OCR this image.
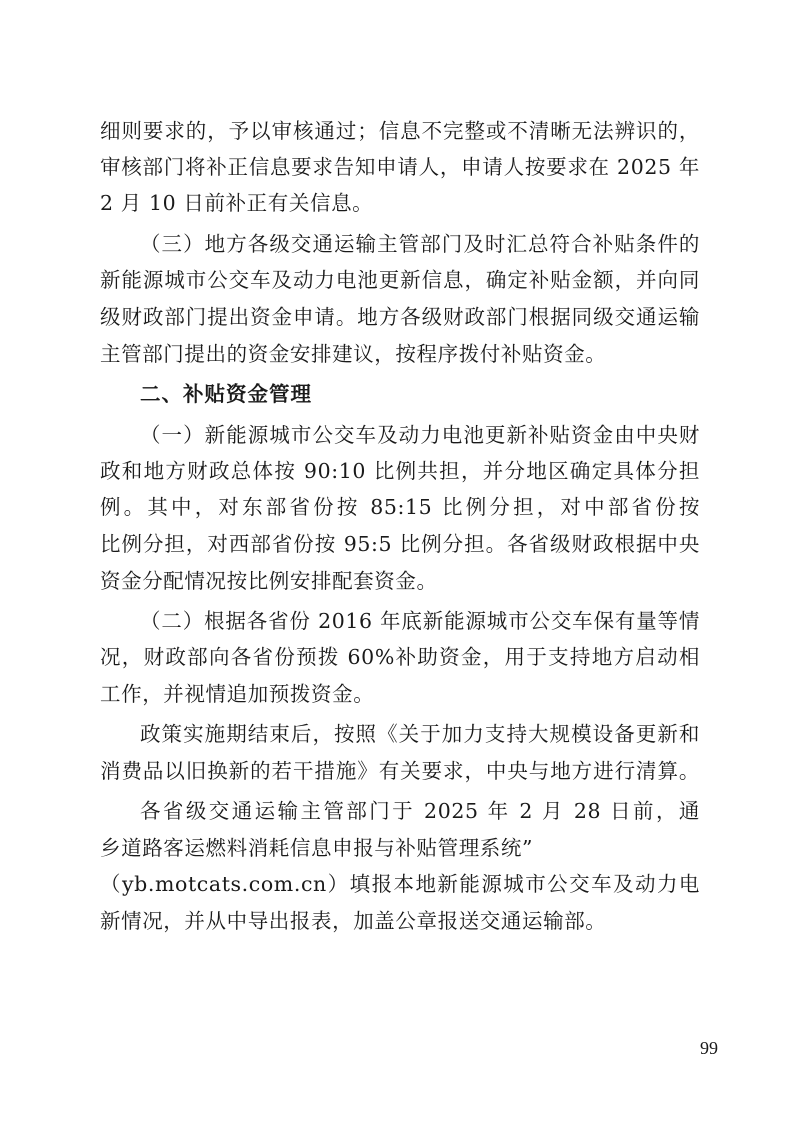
细则要求的，予以审核通过；信息不完整或不清晰无法辨识的，
审核部门将补正信息要求告知申请人，申请人按要求在 2025 年
2 月 10 日前补正有关信息。
（三）地方各级交通运输主管部门及时汇总符合补贴条件的
新能源城市公交车及动力电池更新信息，确定补贴金额，并向同
级财政部门提出资金申请。地方各级财政部门根据同级交通运输
主管部门提出的资金安排建议，按程序拨付补贴资金。
二、补贴资金管理
（一）新能源城市公交车及动力电池更新补贴资金由中央财
政和地方财政总体按 90:10 比例共担，并分地区确定具体分担
例。其中，对东部省份按 85:15 比例分担，对中部省份按
比例分担，对西部省份按 95:5 比例分担。各省级财政根据中央
资金分配情况按比例安排配套资金。
（二）根据各省份 2016 年底新能源城市公交车保有量等情
况，财政部向各省份预拨 60%补助资金，用于支持地方启动相
工作，并视情追加预拨资金。
政策实施期结束后，按照《关于加力支持大规模设备更新和
消费品以旧换新的若干措施》有关要求，中央与地方进行清算。
各省级交通运输主管部门于 2025 年 2 月 28 日前，通
乡道路客运燃料消耗信息申报与补贴管理系统”
（yb.motcats.com.cn）填报本地新能源城市公交车及动力电
新情况，并从中导出报表，加盖公章报送交通运输部。
99
